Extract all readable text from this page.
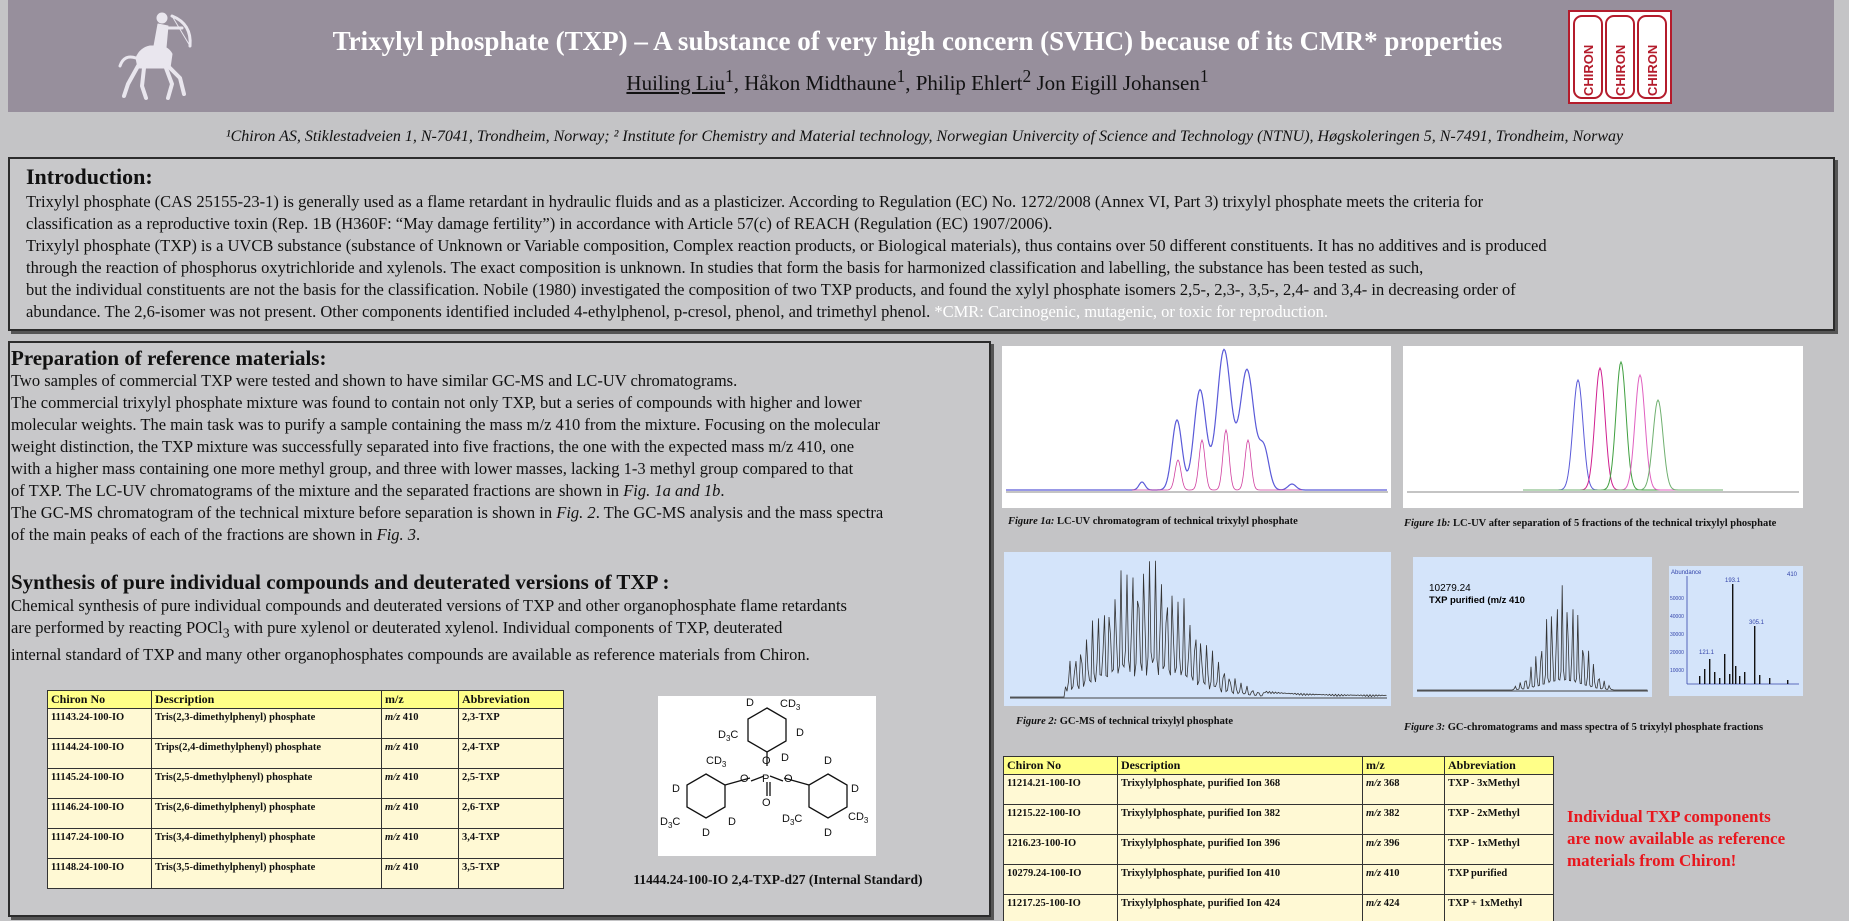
Trixylyl phosphate (TXP) – A substance of very high concern (SVHC) because of its CMR* properties
Huiling Liu$^1$, Håkon Midthaune$^1$, Philip Ehlert$^2$ Jon Eigill Johansen$^1$	CHIRON CHIRON CHIRON
¹Chiron AS, Stiklestadveien 1, N-7041, Trondheim, Norway; ² Institute for Chemistry and Material technology, Norwegian Univercity of Science and Technology (NTNU), Høgskoleringen 5, N-7491, Trondheim, Norway
Introduction:
Trixylyl phosphate (CAS 25155-23-1) is generally used as a flame retardant in hydraulic fluids and as a plasticizer. According to Regulation (EC) No. 1272/2008 (Annex VI, Part 3) trixylyl phosphate meets the criteria for
classification as a reproductive toxin (Rep. 1B (H360F: “May damage fertility”) in accordance with Article 57(c) of REACH (Regulation (EC) 1907/2006).
Trixylyl phosphate (TXP) is a UVCB substance (substance of Unknown or Variable composition, Complex reaction products, or Biological materials), thus contains over 50 different constituents. It has no additives and is produced
through the reaction of phosphorus oxytrichloride and xylenols. The exact composition is unknown. In studies that form the basis for harmonized classification and labelling, the substance has been tested as such,
but the individual constituents are not the basis for the classification. Nobile (1980) investigated the composition of two TXP products, and found the xylyl phosphate isomers 2,5-, 2,3-, 3,5-, 2,4- and 3,4- in decreasing order of
abundance. The 2,6-isomer was not present. Other components identified included 4-ethylphenol, p-cresol, phenol, and trimethyl phenol. *CMR: Carcinogenic, mutagenic, or toxic for reproduction.
Preparation of reference materials:
Two samples of commercial TXP were tested and shown to have similar GC-MS and LC-UV chromatograms.
The commercial trixylyl phosphate mixture was found to contain not only TXP, but a series of compounds with higher and lower
molecular weights. The main task was to purify a sample containing the mass m/z 410 from the mixture. Focusing on the molecular
weight distinction, the TXP mixture was successfully separated into five fractions, the one with the expected mass m/z 410, one
with a higher mass containing one more methyl group, and three with lower masses, lacking 1-3 methyl group compared to that
of TXP. The LC-UV chromatograms of the mixture and the separated fractions are shown in Fig. 1a and 1b.
The GC-MS chromatogram of the technical mixture before separation is shown in Fig. 2. The GC-MS analysis and the mass spectra
of the main peaks of each of the fractions are shown in Fig. 3.
Synthesis of pure individual compounds and deuterated versions of TXP :
Chemical synthesis of pure individual compounds and deuterated versions of TXP and other organophosphate flame retardants
are performed by reacting POCl$_3$ with pure xylenol or deuterated xylenol. Individual components of TXP, deuterated
internal standard of TXP and many other organophosphates compounds are available as reference materials from Chiron.
Chiron No	Description	m/z	Abbreviation
11143.24-100-IO	Tris(2,3-dimethylphenyl) phosphate	m/z 410	2,3-TXP
11144.24-100-IO	Trips(2,4-dimethylphenyl) phosphate	m/z 410	2,4-TXP
11145.24-100-IO	Tris(2,5-dmethylphenyl) phosphate	m/z 410	2,5-TXP
11146.24-100-IO	Tris(2,6-dimethylphenyl) phosphate	m/z 410	2,6-TXP
11147.24-100-IO	Tris(3,4-dimethylphenyl) phosphate	m/z 410	3,4-TXP
11148.24-100-IO	Tris(3,5-dimethylphenyl) phosphate	m/z 410	3,5-TXP
D $CD_3$
$D_3C$	D
O D
P
O	O
O
$CD_3$
D
$D_3C$	D
D
D
D
$CD_3$
$D_3C$
D
11444.24-100-IO 2,4-TXP-d27 (Internal Standard)
Figure 1a: LC-UV chromatogram of technical trixylyl phosphate	Figure 1b: LC-UV after separation of 5 fractions of the technical trixylyl phosphate
Figure 2: GC-MS of technical trixylyl phosphate
10279.24
TXP purified (m/z 410
Abundance
50000
40000
30000
20000
10000
193.1
305.1
121.1
410
Figure 3: GC-chromatograms and mass spectra of 5 trixylyl phosphate fractions
Chiron No	Description	m/z	Abbreviation
11214.21-100-IO	Trixylylphosphate, purified Ion 368	m/z 368	TXP - 3xMethyl
11215.22-100-IO	Trixylylphosphate, purified Ion 382	m/z 382	TXP - 2xMethyl
1216.23-100-IO	Trixylylphosphate, purified Ion 396	m/z 396	TXP - 1xMethyl
10279.24-100-IO	Trixylylphosphate, purified Ion 410	m/z 410	TXP purified
11217.25-100-IO	Trixylylphosphate, purified Ion 424	m/z 424	TXP + 1xMethyl
Individual TXP components
are now available as reference
materials from Chiron!
